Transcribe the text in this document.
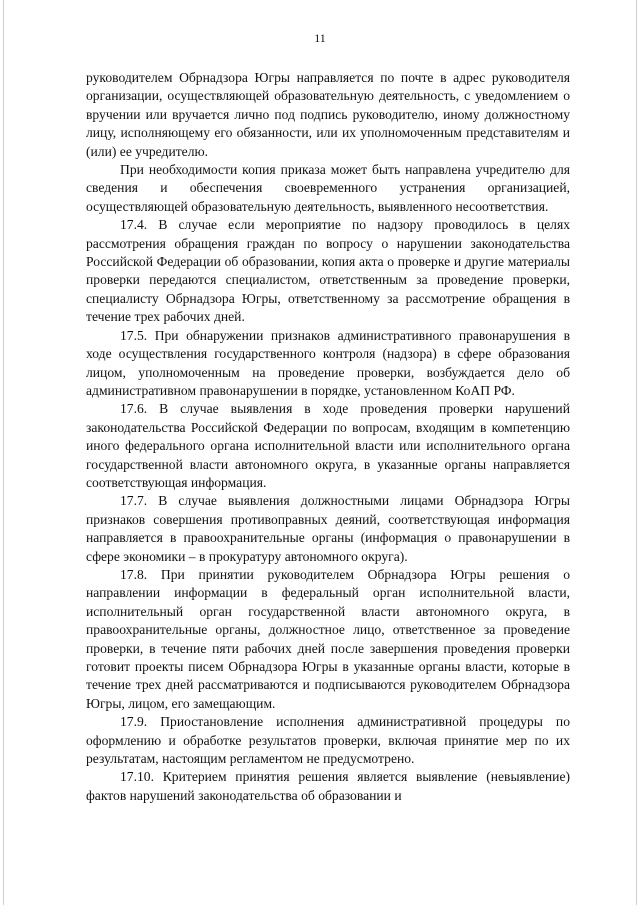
11

руководителем Обрнадзора Югры направляется по почте в адрес руководителя организации, осуществляющей образовательную деятельность, с уведомлением о вручении или вручается лично под подпись руководителю, иному должностному лицу, исполняющему его обязанности, или их уполномоченным представителям и (или) ее учредителю.

При необходимости копия приказа может быть направлена учредителю для сведения и обеспечения своевременного устранения организацией, осуществляющей образовательную деятельность, выявленного несоответствия.

17.4. В случае если мероприятие по надзору проводилось в целях рассмотрения обращения граждан по вопросу о нарушении законодательства Российской Федерации об образовании, копия акта о проверке и другие материалы проверки передаются специалистом, ответственным за проведение проверки, специалисту Обрнадзора Югры, ответственному за рассмотрение обращения в течение трех рабочих дней.

17.5. При обнаружении признаков административного правонарушения в ходе осуществления государственного контроля (надзора) в сфере образования лицом, уполномоченным на проведение проверки, возбуждается дело об административном правонарушении в порядке, установленном КоАП РФ.

17.6. В случае выявления в ходе проведения проверки нарушений законодательства Российской Федерации по вопросам, входящим в компетенцию иного федерального органа исполнительной власти или исполнительного органа государственной власти автономного округа, в указанные органы направляется соответствующая информация.

17.7. В случае выявления должностными лицами Обрнадзора Югры признаков совершения противоправных деяний, соответствующая информация направляется в правоохранительные органы (информация о правонарушении в сфере экономики – в прокуратуру автономного округа).

17.8. При принятии руководителем Обрнадзора Югры решения о направлении информации в федеральный орган исполнительной власти, исполнительный орган государственной власти автономного округа, в правоохранительные органы, должностное лицо, ответственное за проведение проверки, в течение пяти рабочих дней после завершения проведения проверки готовит проекты писем Обрнадзора Югры в указанные органы власти, которые в течение трех дней рассматриваются и подписываются руководителем Обрнадзора Югры, лицом, его замещающим.

17.9. Приостановление исполнения административной процедуры по оформлению и обработке результатов проверки, включая принятие мер по их результатам, настоящим регламентом не предусмотрено.

17.10. Критерием принятия решения является выявление (невыявление) фактов нарушений законодательства об образовании и
